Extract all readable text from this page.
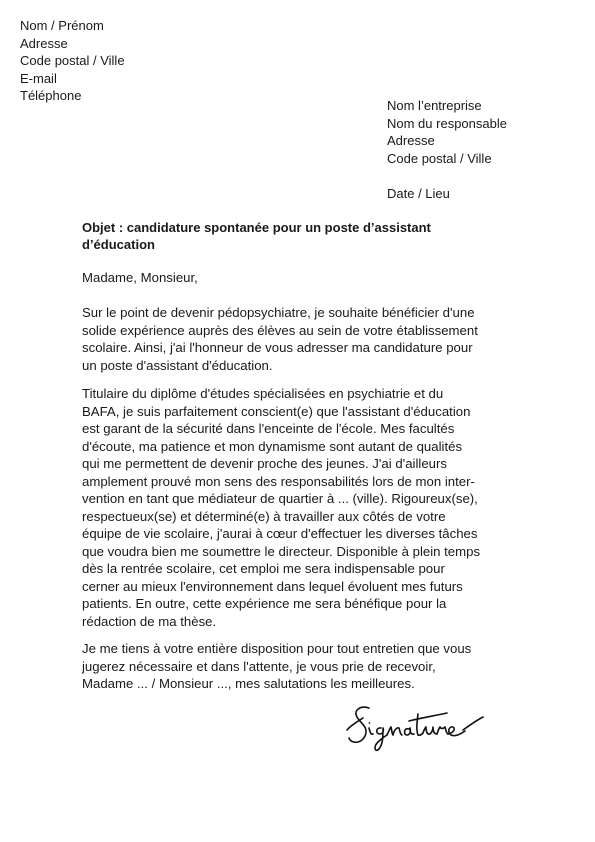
Nom / Prénom
Adresse
Code postal / Ville
E-mail
Téléphone
Nom l’entreprise
Nom du responsable
Adresse
Code postal / Ville
Date / Lieu
Objet : candidature spontanée pour un poste d’assistant
d’éducation
Madame, Monsieur,
Sur le point de devenir pédopsychiatre, je souhaite bénéficier d'une
solide expérience auprès des élèves au sein de votre établissement
scolaire. Ainsi, j'ai l'honneur de vous adresser ma candidature pour
un poste d'assistant d'éducation.
Titulaire du diplôme d'études spécialisées en psychiatrie et du
BAFA, je suis parfaitement conscient(e) que l'assistant d'éducation
est garant de la sécurité dans l'enceinte de l'école. Mes facultés
d'écoute, ma patience et mon dynamisme sont autant de qualités
qui me permettent de devenir proche des jeunes. J'ai d'ailleurs
amplement prouvé mon sens des responsabilités lors de mon inter-
vention en tant que médiateur de quartier à ... (ville). Rigoureux(se),
respectueux(se) et déterminé(e) à travailler aux côtés de votre
équipe de vie scolaire, j'aurai à cœur d'effectuer les diverses tâches
que voudra bien me soumettre le directeur. Disponible à plein temps
dès la rentrée scolaire, cet emploi me sera indispensable pour
cerner au mieux l'environnement dans lequel évoluent mes futurs
patients. En outre, cette expérience me sera bénéfique pour la
rédaction de ma thèse.
Je me tiens à votre entière disposition pour tout entretien que vous
jugerez nécessaire et dans l'attente, je vous prie de recevoir,
Madame ... / Monsieur ..., mes salutations les meilleures.
